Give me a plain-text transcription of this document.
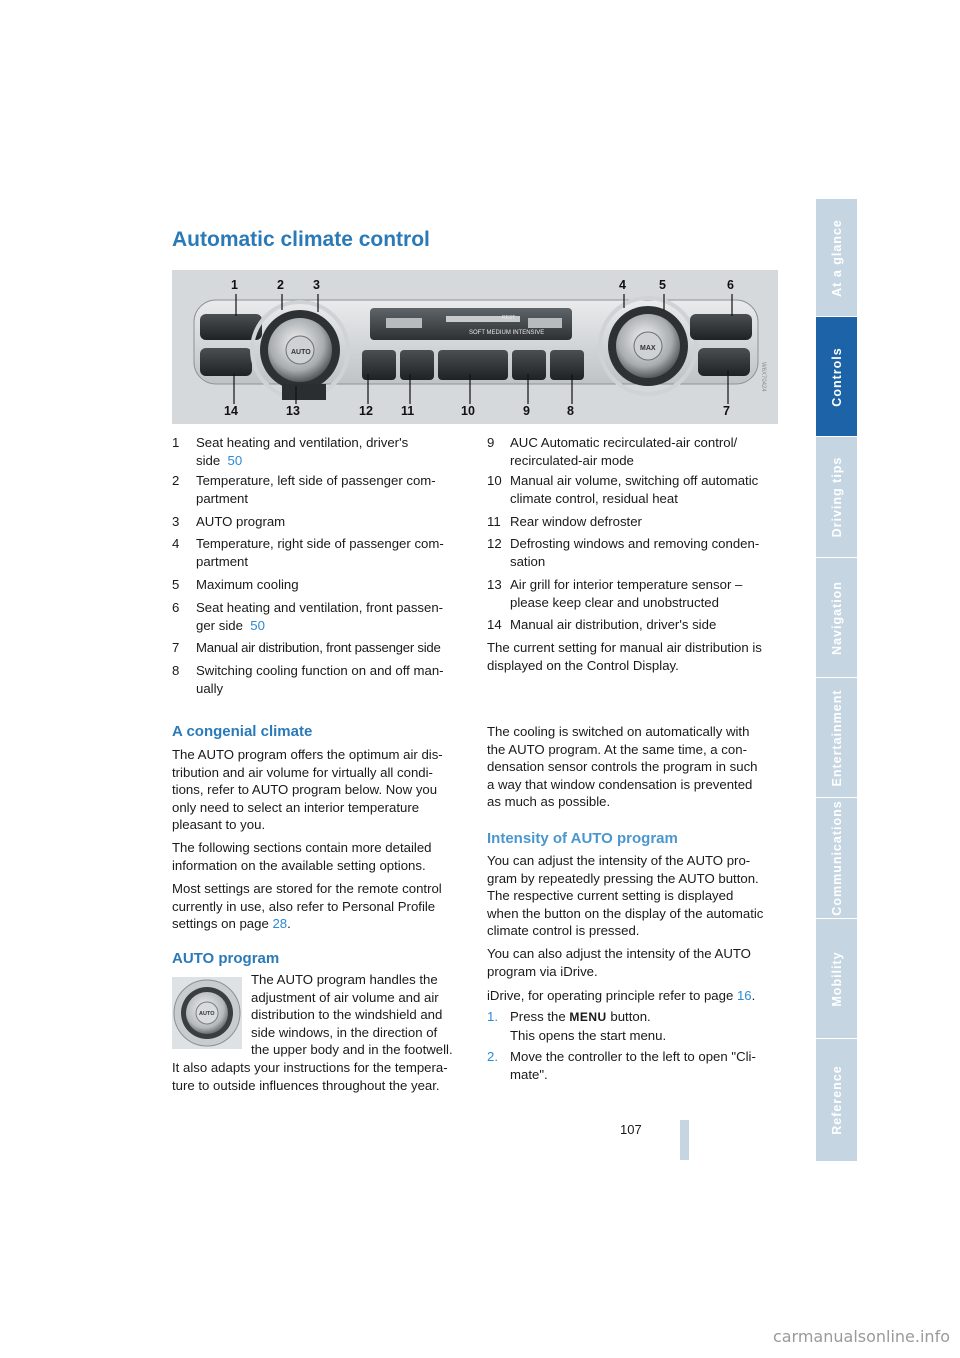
At a glance
Controls
Driving tips
Navigation
Entertainment
Communications
Mobility
Reference
Automatic climate control
SOFT MEDIUM INTENSIVE
REST
AUTO
MAX
1	2 3	4	5	6
14	13	12 11	10	9	8	7
W6X70424
1 Seat heating and ventilation, driver's
side 50
2 Temperature, left side of passenger com-
partment
3 AUTO program
4 Temperature, right side of passenger com-
partment
5 Maximum cooling
6 Seat heating and ventilation, front passen-
ger side 50
7 Manual air distribution, front passenger side
8 Switching cooling function on and off man-
ually
9 AUC Automatic recirculated-air control/
recirculated-air mode
10 Manual air volume, switching off automatic
climate control, residual heat
11 Rear window defroster
12 Defrosting windows and removing conden-
sation
13 Air grill for interior temperature sensor –
please keep clear and unobstructed
14 Manual air distribution, driver's side

The current setting for manual air distribution is
displayed on the Control Display.

A congenial climate

The AUTO program offers the optimum air dis-
tribution and air volume for virtually all condi-
tions, refer to AUTO program below. Now you
only need to select an interior temperature
pleasant to you.

The following sections contain more detailed
information on the available setting options.

Most settings are stored for the remote control
currently in use, also refer to Personal Profile
settings on page 28.

AUTO program
AUTO

The AUTO program handles the
adjustment of air volume and air
distribution to the windshield and
side windows, in the direction of
the upper body and in the footwell.

It also adapts your instructions for the tempera-
ture to outside influences throughout the year.

The cooling is switched on automatically with
the AUTO program. At the same time, a con-
densation sensor controls the program in such
a way that window condensation is prevented
as much as possible.

Intensity of AUTO program

You can adjust the intensity of the AUTO pro-
gram by repeatedly pressing the AUTO button.
The respective current setting is displayed
when the button on the display of the automatic
climate control is pressed.

You can also adjust the intensity of the AUTO
program via iDrive.

iDrive, for operating principle refer to page 16.

1. Press the MENU button.
This opens the start menu.
2. Move the controller to the left to open "Cli-
mate".
107
carmanualsonline.info
